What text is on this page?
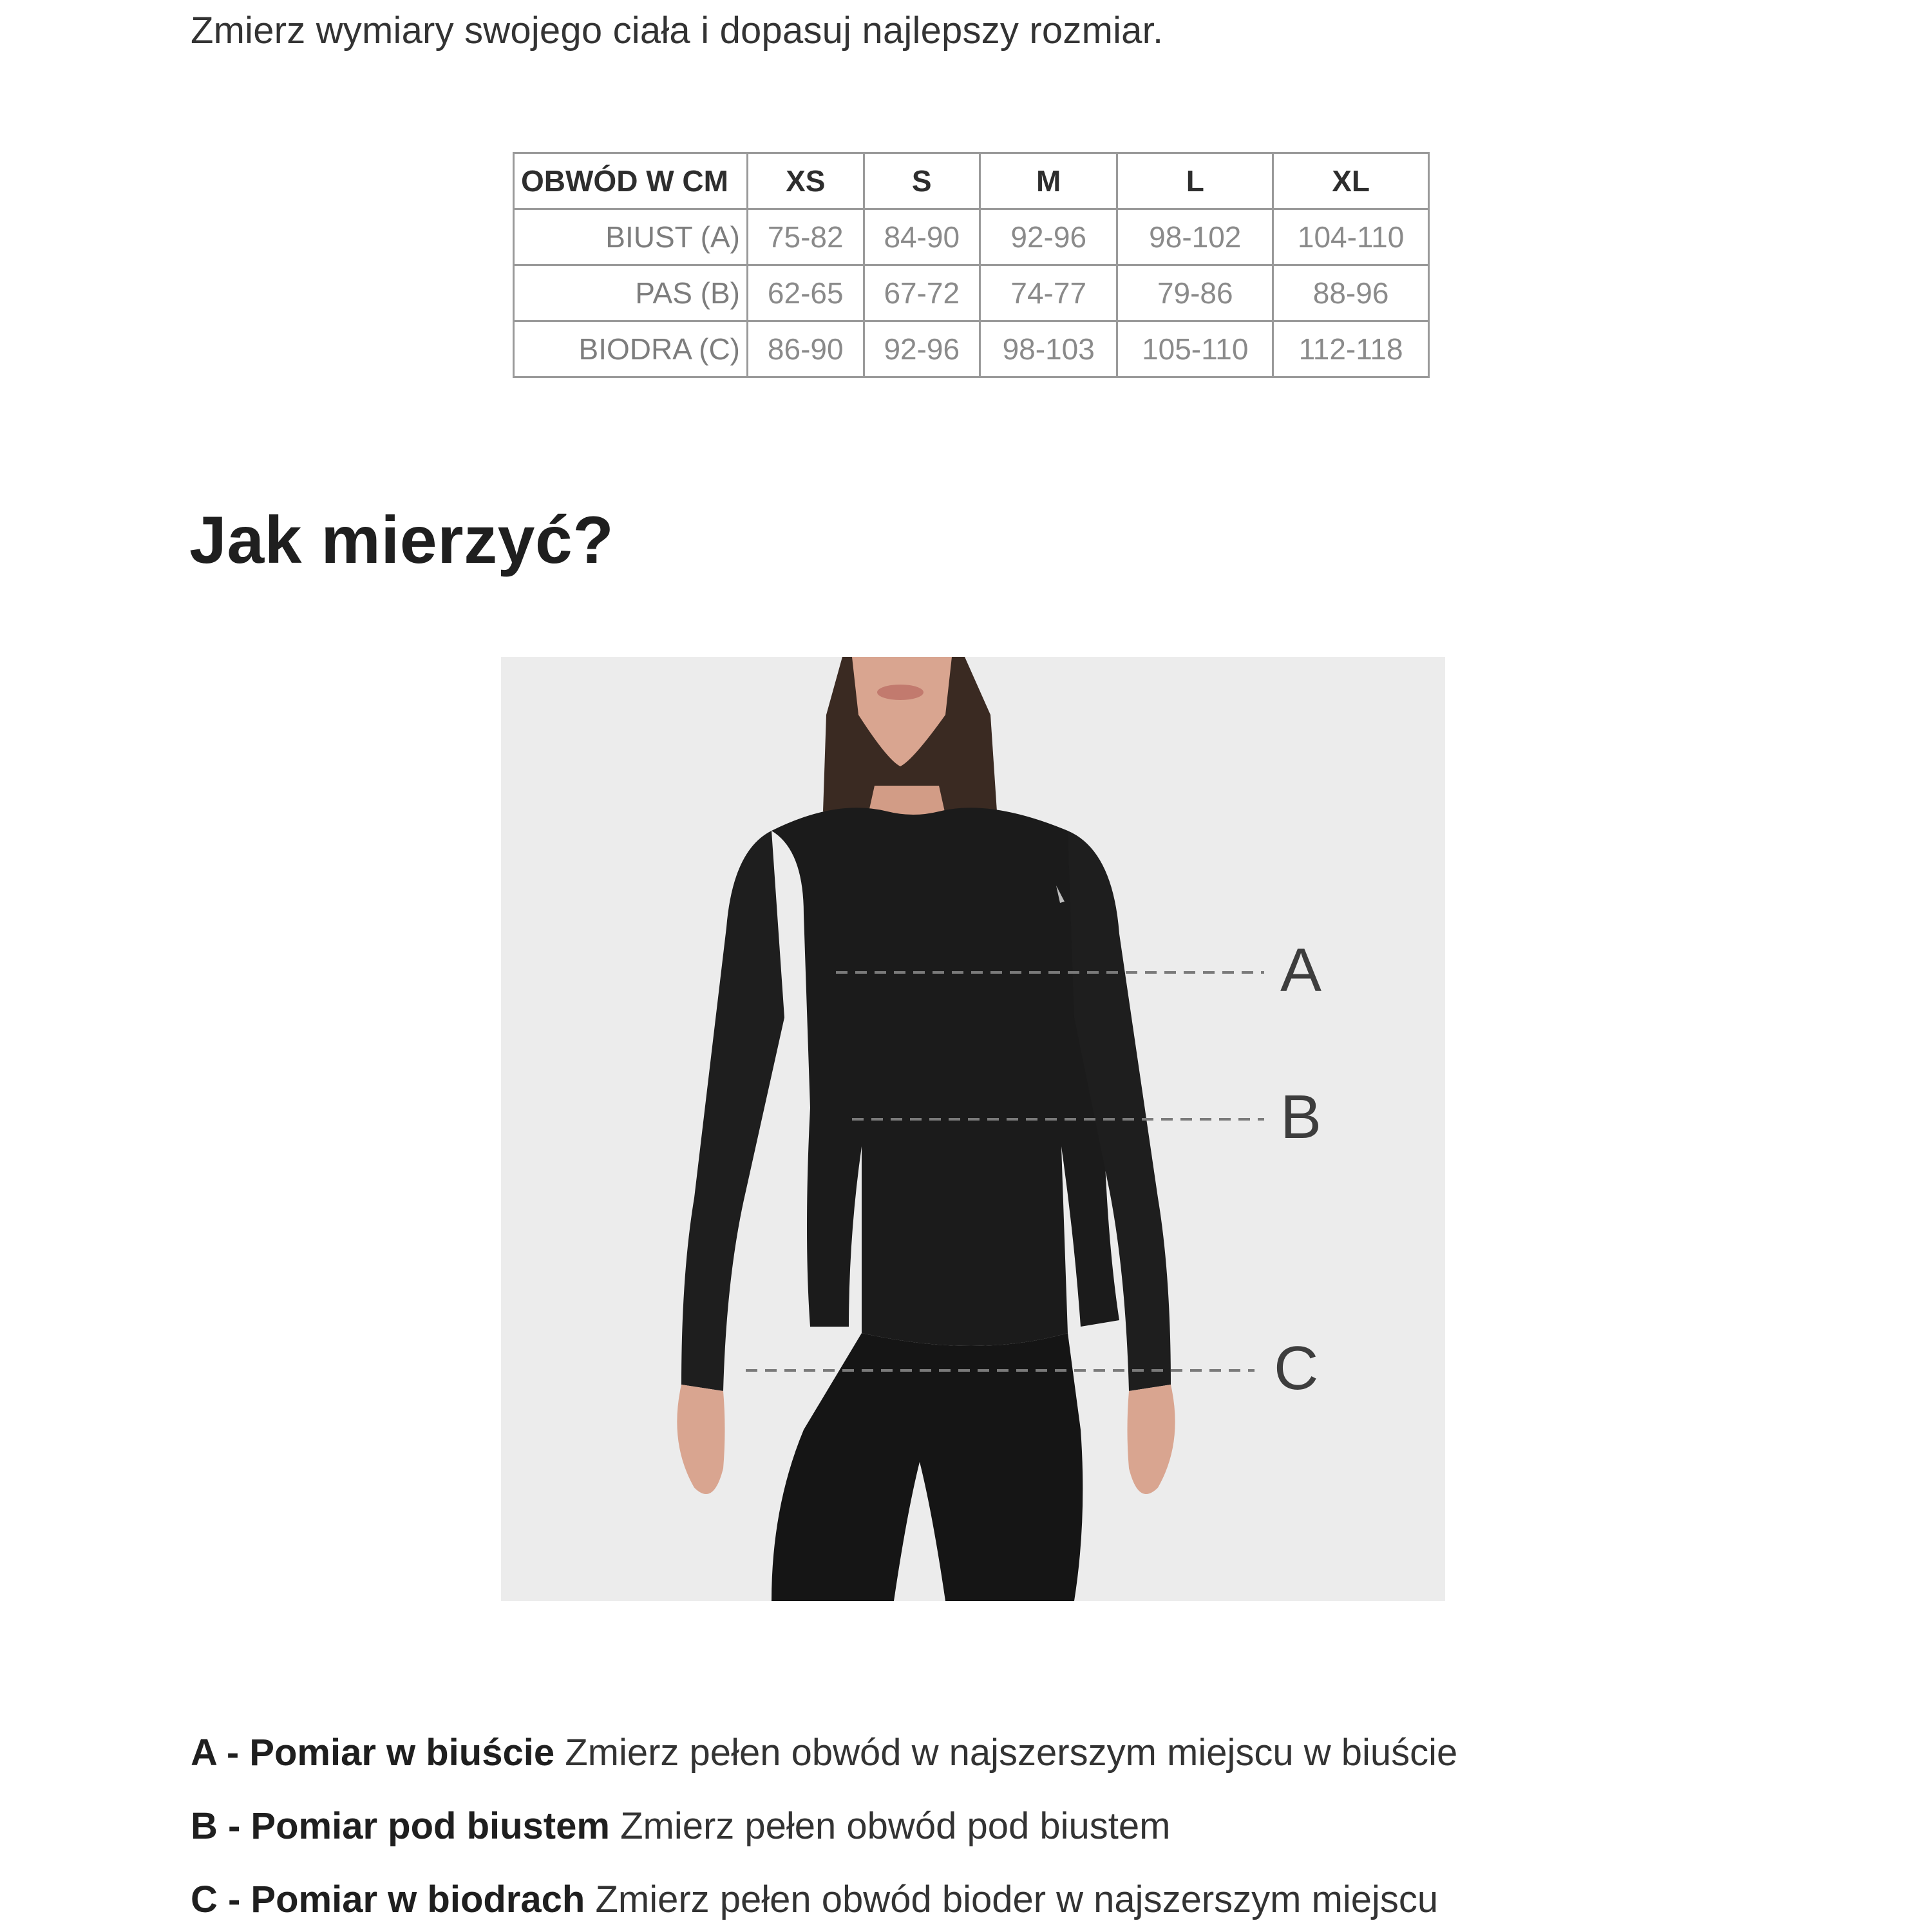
Zmierz wymiary swojego ciała i dopasuj najlepszy rozmiar.
OBWÓD W CM	XS	S	M	L	XL
BIUST (A)	75-82	84-90	92-96	98-102	104-110
PAS (B)	62-65	67-72	74-77	79-86	88-96
BIODRA (C)	86-90	92-96	98-103	105-110	112-118
Jak mierzyć?
A
B
C
A - Pomiar w biuście Zmierz pełen obwód w najszerszym miejscu w biuście
B - Pomiar pod biustem Zmierz pełen obwód pod biustem
C - Pomiar w biodrach Zmierz pełen obwód bioder w najszerszym miejscu
